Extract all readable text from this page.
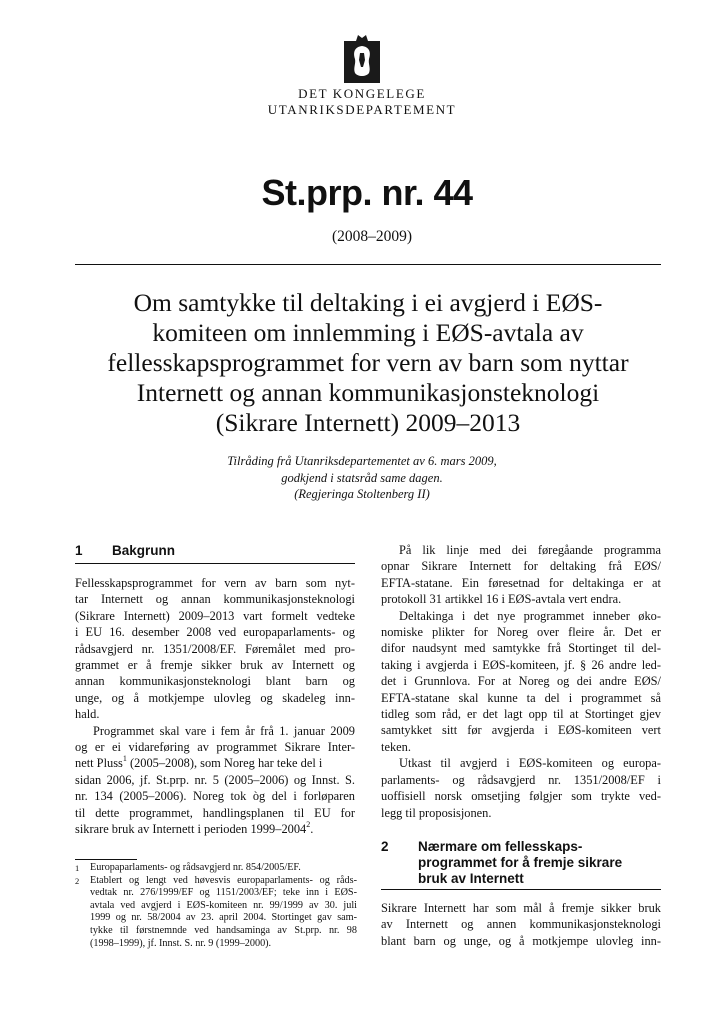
DET KONGELEGE
UTANRIKSDEPARTEMENT
St.prp. nr. 44
(2008–2009)
Om samtykke til deltaking i ei avgjerd i EØS-
komiteen om innlemming i EØS-avtala av
fellesskapsprogrammet for vern av barn som nyttar
Internett og annan kommunikasjonsteknologi
(Sikrare Internett) 2009–2013
Tilråding frå Utanriksdepartementet av 6. mars 2009,
godkjend i statsråd same dagen.
(Regjeringa Stoltenberg II)
1 Bakgrunn
Fellesskapsprogrammet for vern av barn som nyt-
tar Internett og annan kommunikasjonsteknologi
(Sikrare Internett) 2009–2013 vart formelt vedteke
i EU 16. desember 2008 ved europaparlaments- og
rådsavgjerd nr. 1351/2008/EF. Føremålet med pro-
grammet er å fremje sikker bruk av Internett og
annan kommunikasjonsteknologi blant barn og
unge, og å motkjempe ulovleg og skadeleg inn-
hald.
Programmet skal vare i fem år frå 1. januar 2009
og er ei vidareføring av programmet Sikrare Inter-
nett Pluss$^1$ (2005–2008), som Noreg har teke del i
sidan 2006, jf. St.prp. nr. 5 (2005–2006) og Innst. S.
nr. 134 (2005–2006). Noreg tok òg del i forløparen
til dette programmet, handlingsplanen til EU for
sikrare bruk av Internett i perioden 1999–2004$^2$.
1 Europaparlaments- og rådsavgjerd nr. 854/2005/EF.
2 Etablert og lengt ved høvesvis europaparlaments- og råds-
vedtak nr. 276/1999/EF og 1151/2003/EF; teke inn i EØS-
avtala ved avgjerd i EØS-komiteen nr. 99/1999 av 30. juli
1999 og nr. 58/2004 av 23. april 2004. Stortinget gav sam-
tykke til førstnemnde ved handsaminga av St.prp. nr. 98
(1998–1999), jf. Innst. S. nr. 9 (1999–2000).
På lik linje med dei føregåande programma
opnar Sikrare Internett for deltaking frå EØS/
EFTA-statane. Ein føresetnad for deltakinga er at
protokoll 31 artikkel 16 i EØS-avtala vert endra.
Deltakinga i det nye programmet inneber øko-
nomiske plikter for Noreg over fleire år. Det er
difor naudsynt med samtykke frå Stortinget til del-
taking i avgjerda i EØS-komiteen, jf. § 26 andre led-
det i Grunnlova. For at Noreg og dei andre EØS/
EFTA-statane skal kunne ta del i programmet så
tidleg som råd, er det lagt opp til at Stortinget gjev
samtykket sitt før avgjerda i EØS-komiteen vert
teken.
Utkast til avgjerd i EØS-komiteen og europa-
parlaments- og rådsavgjerd nr. 1351/2008/EF i
uoffisiell norsk omsetjing følgjer som trykte ved-
legg til proposisjonen.
2 Nærmare om fellesskaps-
programmet for å fremje sikrare
bruk av Internett
Sikrare Internett har som mål å fremje sikker bruk
av Internett og annen kommunikasjonsteknologi
blant barn og unge, og å motkjempe ulovleg inn-
